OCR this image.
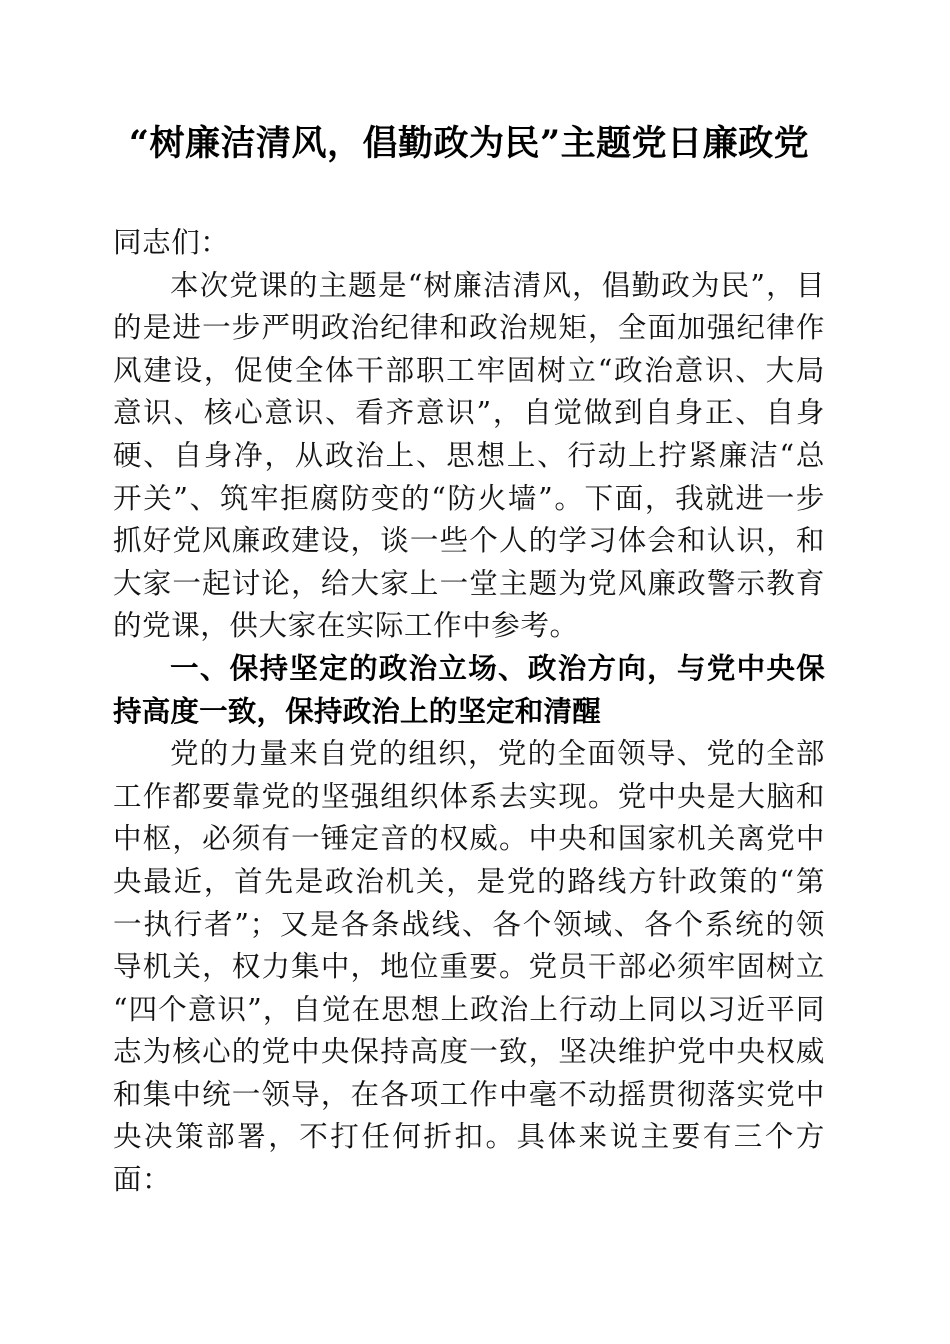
“树廉洁清风，倡勤政为民”主题党日廉政党

同志们：

本次党课的主题是“树廉洁清风，倡勤政为民”，目的是进一步严明政治纪律和政治规矩，全面加强纪律作风建设，促使全体干部职工牢固树立“政治意识、大局意识、核心意识、看齐意识”，自觉做到自身正、自身硬、自身净，从政治上、思想上、行动上拧紧廉洁“总开关”、筑牢拒腐防变的“防火墙”。下面，我就进一步抓好党风廉政建设，谈一些个人的学习体会和认识，和大家一起讨论，给大家上一堂主题为党风廉政警示教育的党课，供大家在实际工作中参考。

一、保持坚定的政治立场、政治方向，与党中央保持高度一致，保持政治上的坚定和清醒

党的力量来自党的组织，党的全面领导、党的全部工作都要靠党的坚强组织体系去实现。党中央是大脑和中枢，必须有一锤定音的权威。中央和国家机关离党中央最近，首先是政治机关，是党的路线方针政策的“第一执行者”；又是各条战线、各个领域、各个系统的领导机关，权力集中，地位重要。党员干部必须牢固树立“四个意识”，自觉在思想上政治上行动上同以习近平同志为核心的党中央保持高度一致，坚决维护党中央权威和集中统一领导，在各项工作中毫不动摇贯彻落实党中央决策部署，不打任何折扣。具体来说主要有三个方面：
